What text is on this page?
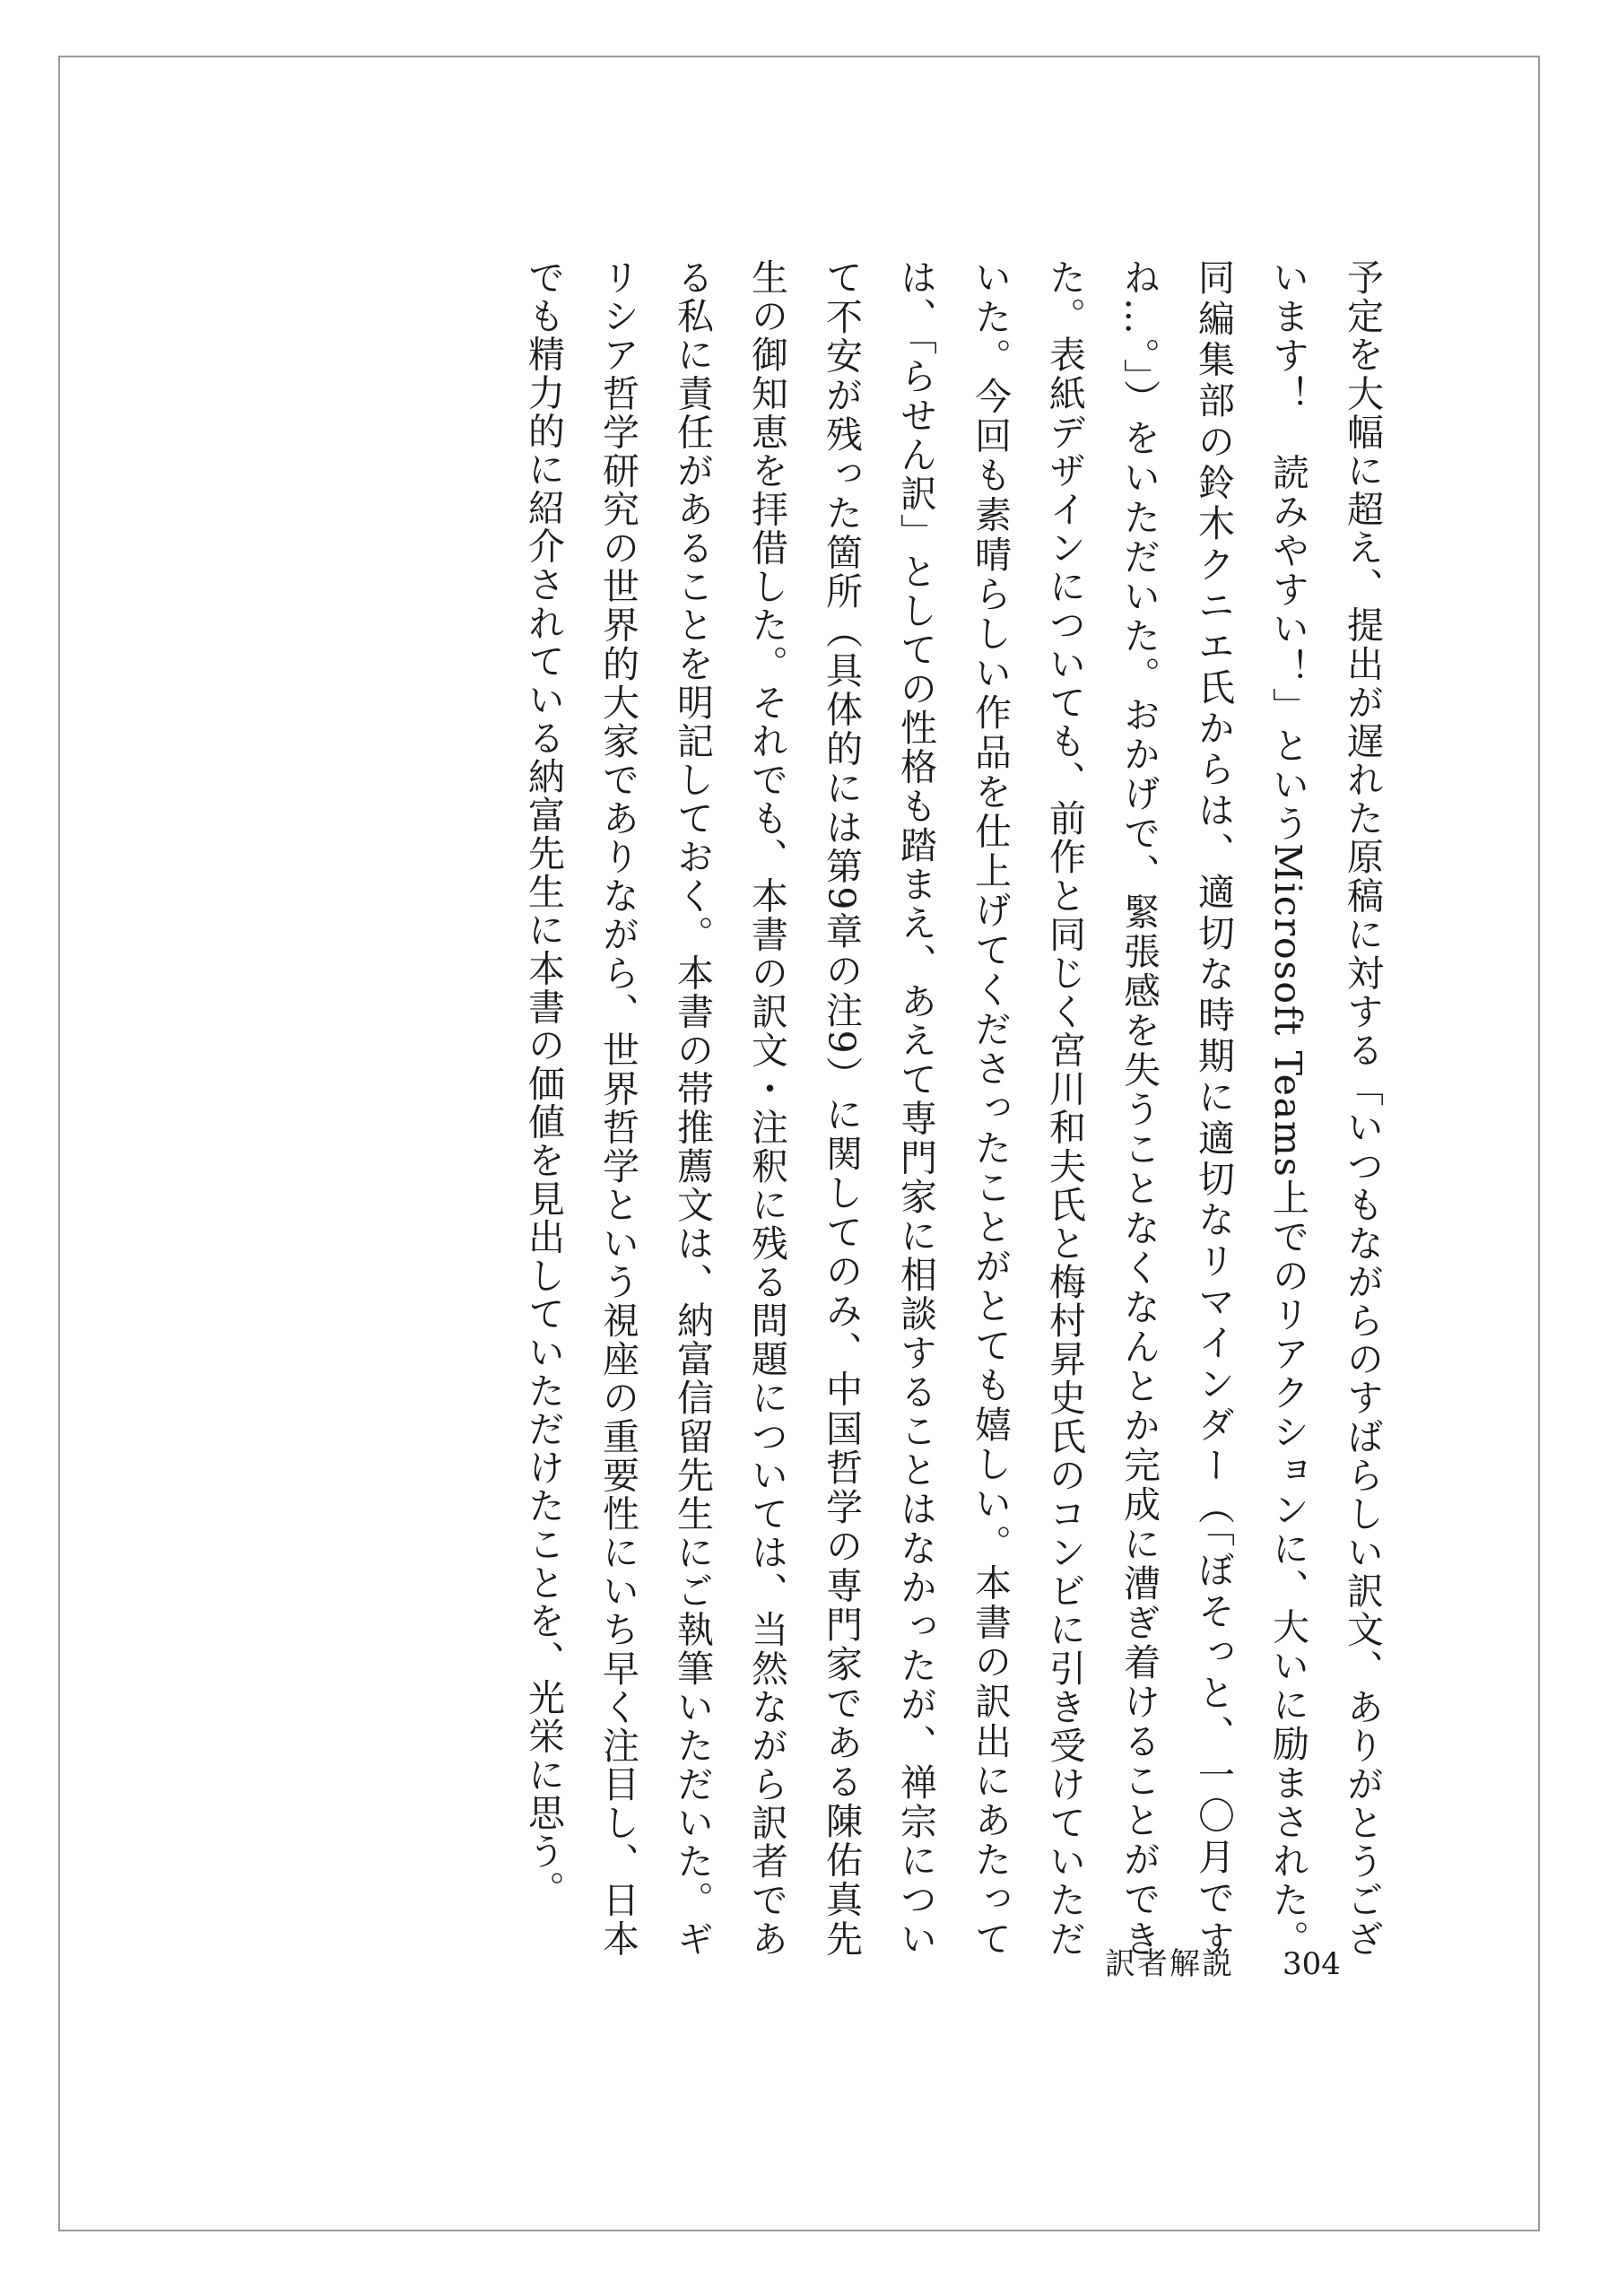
予定を大幅に超え、提出が遅れた原稿に対する「いつもながらのすばらしい訳文、ありがとうございます！　読みやすい！」というMicrosoft Teams上でのリアクションに、大いに励まされた。同編集部の鈴木クニエ氏からは、適切な時期に適切なリマインダー（「ぼそっと、一〇月ですね…。」）をいただいた。おかげで、緊張感を失うことなくなんとか完成に漕ぎ着けることができた。表紙デザインについても、前作と同じく宮川和夫氏と梅村昇史氏のコンビに引き受けていただいた。今回も素晴らしい作品を仕上げてくださったことがとても嬉しい。本書の訳出にあたっては、「らせん訳」としての性格も踏まえ、あえて専門家に相談することはなかったが、禅宗について不安が残った箇所（具体的には第9章の注9）に関してのみ、中国哲学の専門家である陳佑真先生の御知恵を拝借した。それでも、本書の訳文・注釈に残る問題については、当然ながら訳者である私に責任があることを明記しておく。本書の帯推薦文は、納富信留先生にご執筆いただいた。ギリシア哲学研究の世界的大家でありながら、世界哲学という視座の重要性にいち早く注目し、日本でも精力的に紹介されている納富先生に本書の価値を見出していただけたことを、光栄に思う。

訳者解説 304
